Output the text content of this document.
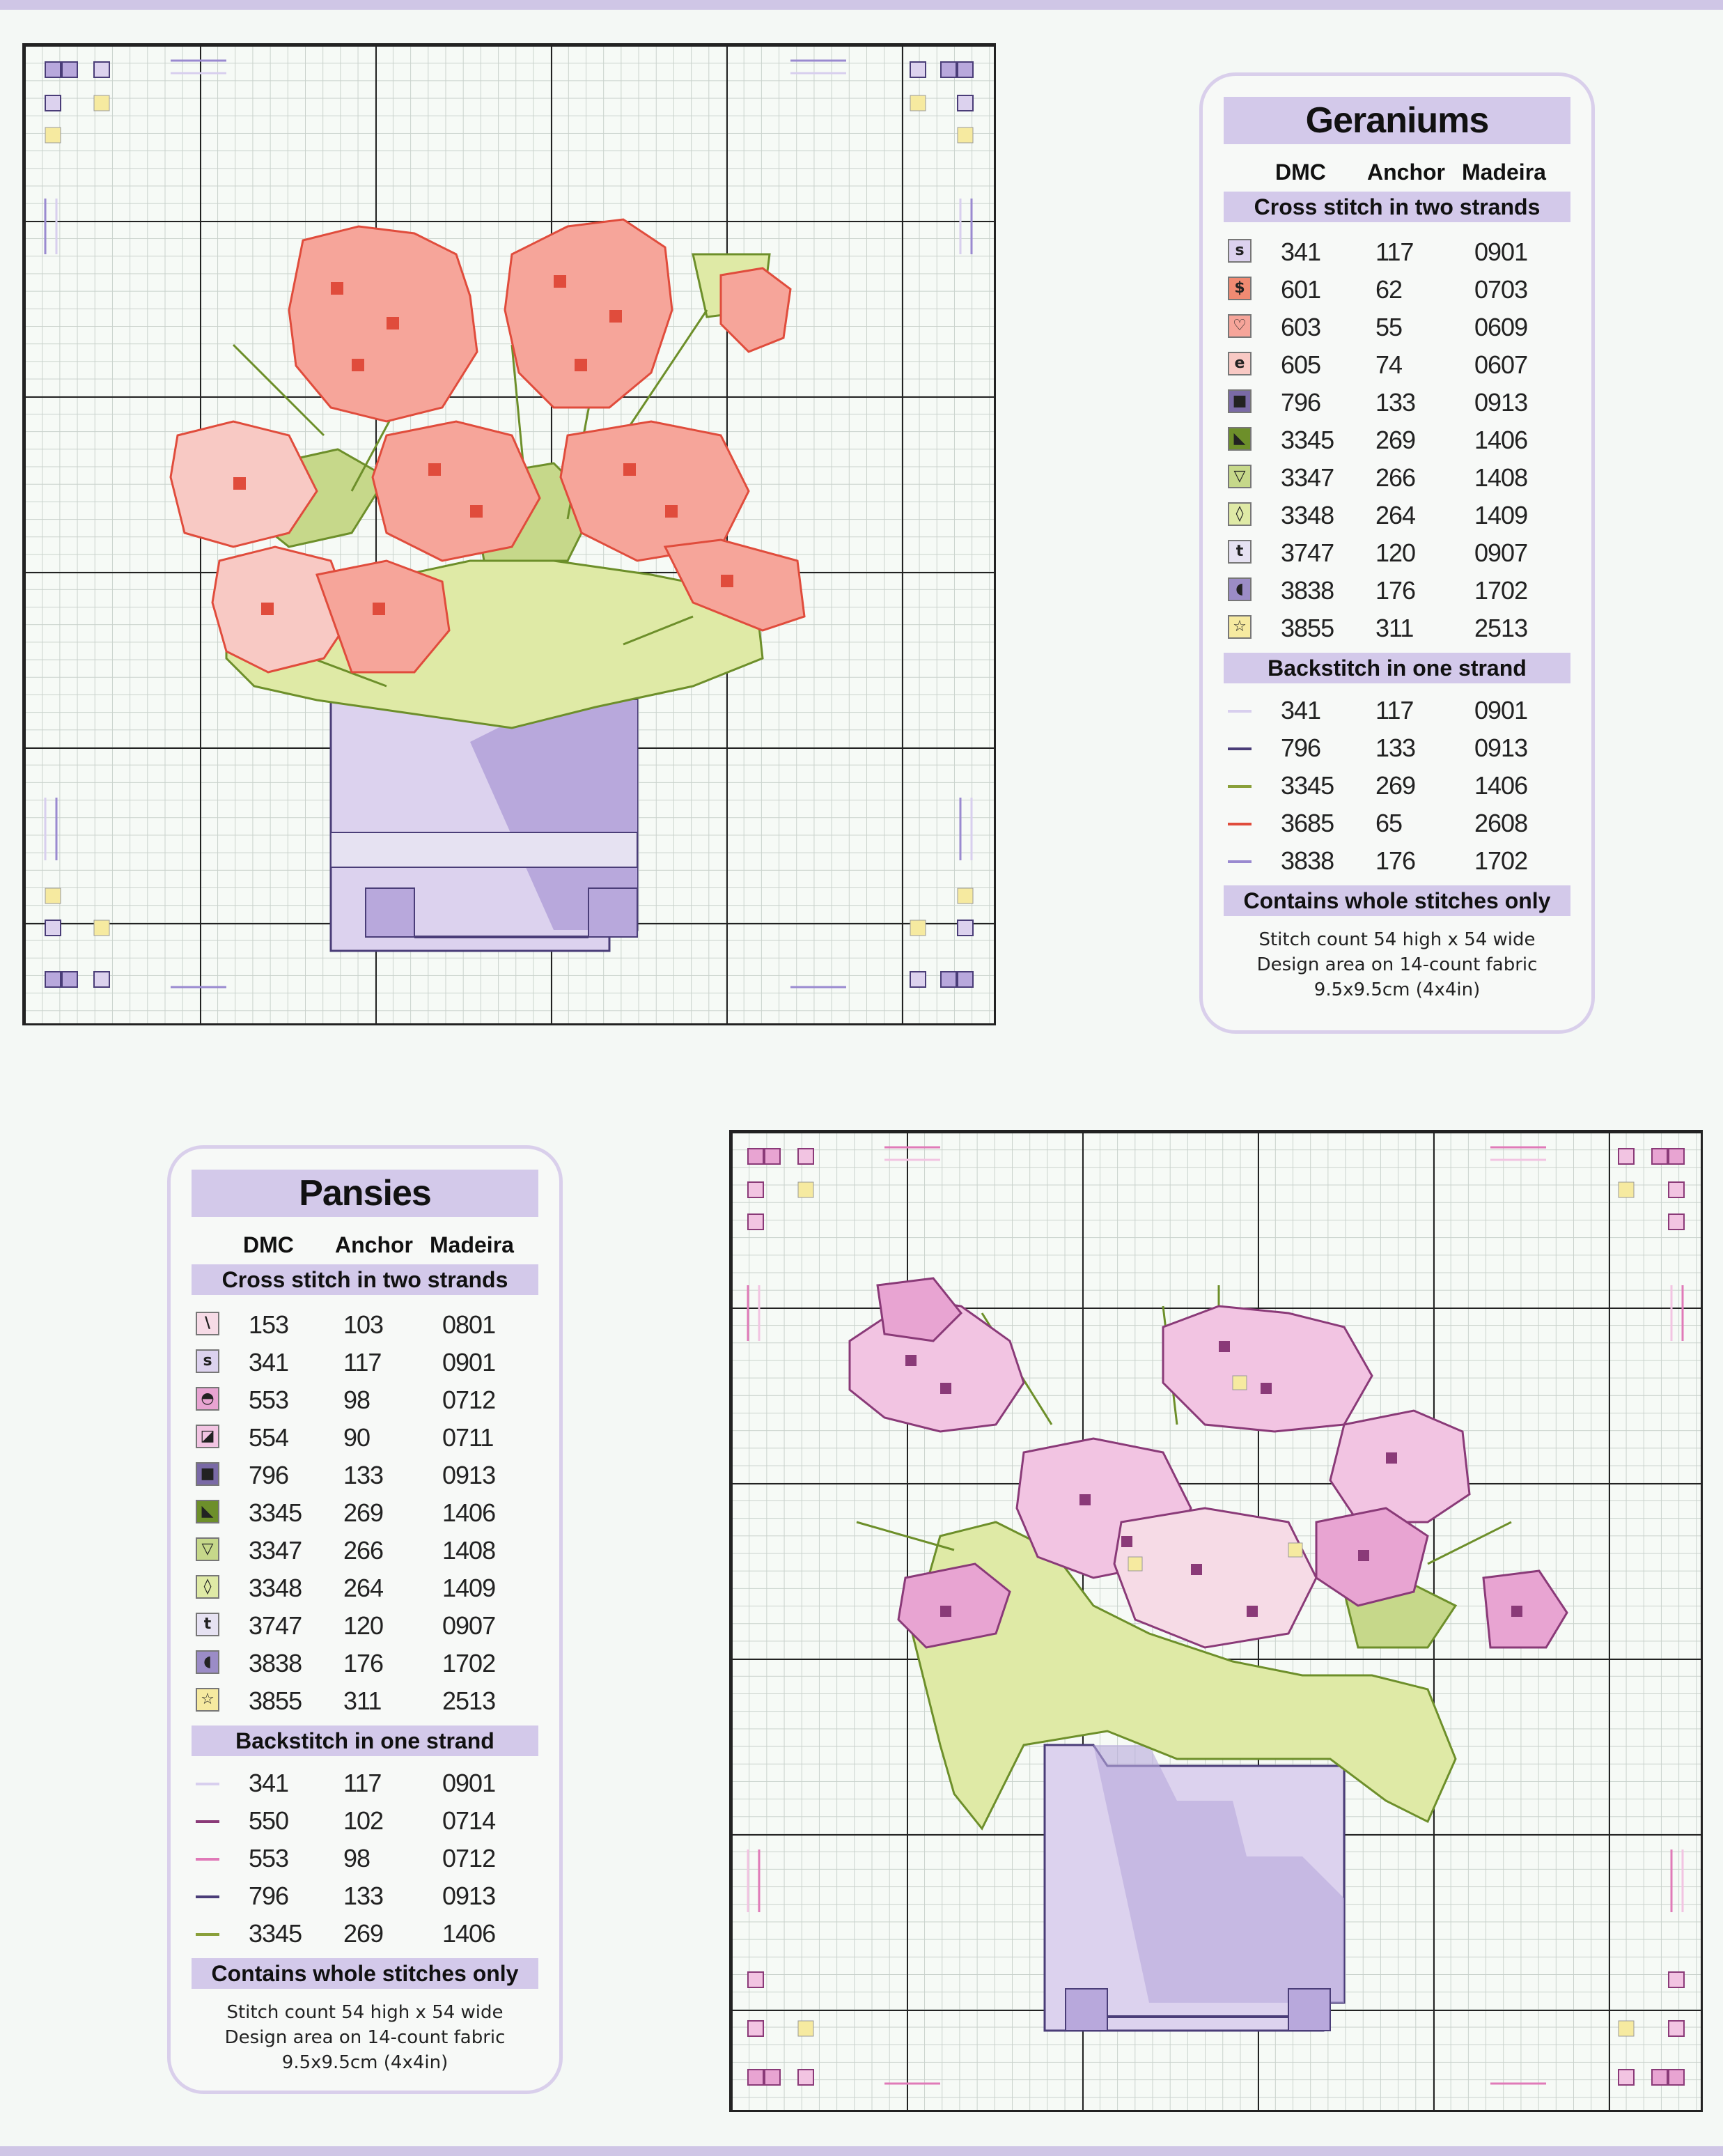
Geraniums
DMC Anchor Madeira
Cross stitch in two strands
s 341 117 0901
$ 601 62	0703
♡ 603 55	0609
e 605 74	0607
■ 796 133 0913
◣ 3345 269 1406
▽ 3347 266 1408
◊	3348 264 1409
t	3747 120 0907
◖	3838 176 1702
☆ 3855 311 2513
Backstitch in one strand
341 117 0901
796 133 0913
3345 269 1406
3685 65	2608
3838 176 1702
Contains whole stitches only
Stitch count 54 high x 54 wide
Design area on 14-count fabric
9.5x9.5cm (4x4in)
Pansies
DMC Anchor Madeira
Cross stitch in two strands
\	153 103 0801
s 341 117 0901
◓ 553 98	0712
◪ 554 90	0711
■ 796 133 0913
◣ 3345 269 1406
▽ 3347 266 1408
◊	3348 264 1409
t	3747 120 0907
◖	3838 176 1702
☆ 3855 311 2513
Backstitch in one strand
341 117 0901
550 102 0714
553 98	0712
796 133 0913
3345 269 1406
Contains whole stitches only
Stitch count 54 high x 54 wide
Design area on 14-count fabric
9.5x9.5cm (4x4in)
